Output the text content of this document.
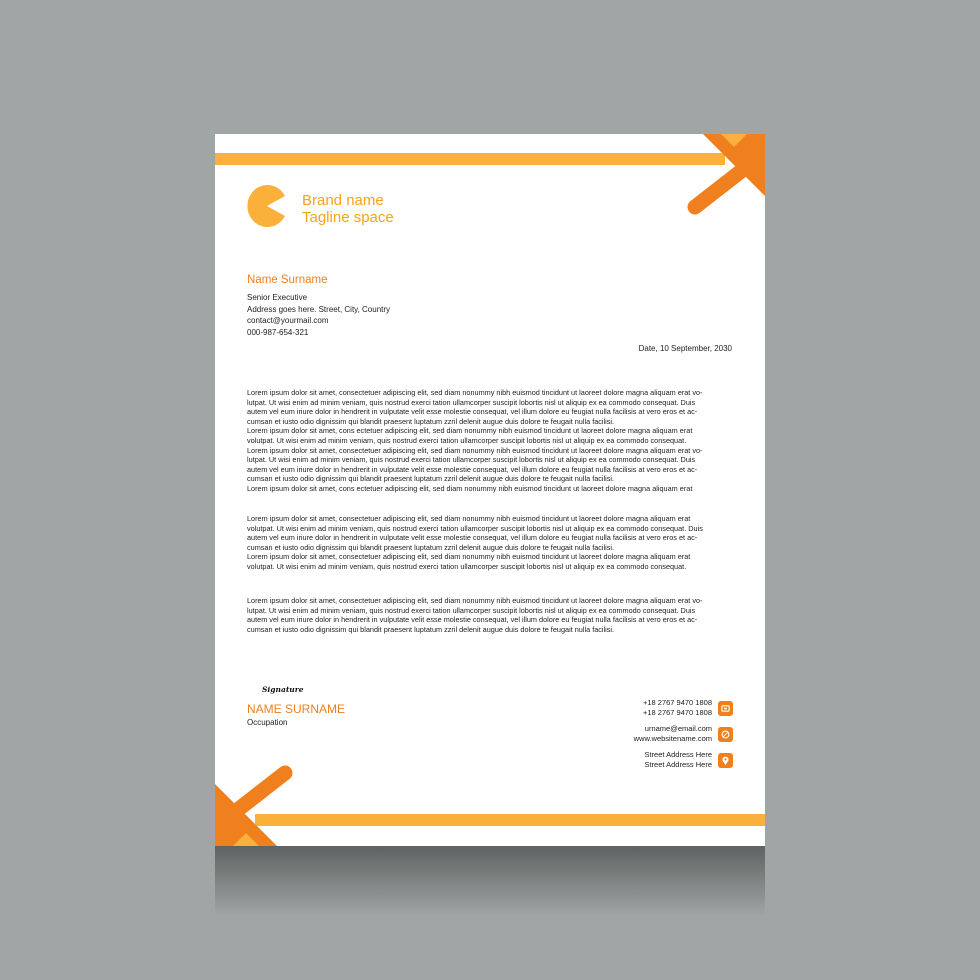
Brand name
Tagline space
Name Surname
Senior Executive
Address goes here. Street, City, Country
contact@yourmail.com
000-987-654-321
Date, 10 September, 2030
Lorem ipsum dolor sit amet, consectetuer adipiscing elit, sed diam nonummy nibh euismod tincidunt ut laoreet dolore magna aliquam erat vo-
lutpat. Ut wisi enim ad minim veniam, quis nostrud exerci tation ullamcorper suscipit lobortis nisl ut aliquip ex ea commodo consequat. Duis
autem vel eum iriure dolor in hendrerit in vulputate velit esse molestie consequat, vel illum dolore eu feugiat nulla facilisis at vero eros et ac-
cumsan et iusto odio dignissim qui blandit praesent luptatum zzril delenit augue duis dolore te feugait nulla facilisi.
Lorem ipsum dolor sit amet, cons ectetuer adipiscing elit, sed diam nonummy nibh euismod tincidunt ut laoreet dolore magna aliquam erat
volutpat. Ut wisi enim ad minim veniam, quis nostrud exerci tation ullamcorper suscipit lobortis nisl ut aliquip ex ea commodo consequat.
Lorem ipsum dolor sit amet, consectetuer adipiscing elit, sed diam nonummy nibh euismod tincidunt ut laoreet dolore magna aliquam erat vo-
lutpat. Ut wisi enim ad minim veniam, quis nostrud exerci tation ullamcorper suscipit lobortis nisl ut aliquip ex ea commodo consequat. Duis
autem vel eum iriure dolor in hendrerit in vulputate velit esse molestie consequat, vel illum dolore eu feugiat nulla facilisis at vero eros et ac-
cumsan et iusto odio dignissim qui blandit praesent luptatum zzril delenit augue duis dolore te feugait nulla facilisi.
Lorem ipsum dolor sit amet, cons ectetuer adipiscing elit, sed diam nonummy nibh euismod tincidunt ut laoreet dolore magna aliquam erat
Lorem ipsum dolor sit amet, consectetuer adipiscing elit, sed diam nonummy nibh euismod tincidunt ut laoreet dolore magna aliquam erat
volutpat. Ut wisi enim ad minim veniam, quis nostrud exerci tation ullamcorper suscipit lobortis nisl ut aliquip ex ea commodo consequat. Duis
autem vel eum iriure dolor in hendrerit in vulputate velit esse molestie consequat, vel illum dolore eu feugiat nulla facilisis at vero eros et ac-
cumsan et iusto odio dignissim qui blandit praesent luptatum zzril delenit augue duis dolore te feugait nulla facilisi.
Lorem ipsum dolor sit amet, consectetuer adipiscing elit, sed diam nonummy nibh euismod tincidunt ut laoreet dolore magna aliquam erat
volutpat. Ut wisi enim ad minim veniam, quis nostrud exerci tation ullamcorper suscipit lobortis nisl ut aliquip ex ea commodo consequat.
Lorem ipsum dolor sit amet, consectetuer adipiscing elit, sed diam nonummy nibh euismod tincidunt ut laoreet dolore magna aliquam erat vo-
lutpat. Ut wisi enim ad minim veniam, quis nostrud exerci tation ullamcorper suscipit lobortis nisl ut aliquip ex ea commodo consequat. Duis
autem vel eum iriure dolor in hendrerit in vulputate velit esse molestie consequat, vel illum dolore eu feugiat nulla facilisis at vero eros et ac-
cumsan et iusto odio dignissim qui blandit praesent luptatum zzril delenit augue duis dolore te feugait nulla facilisi.
Signature
NAME SURNAME
Occupation
+18 2767 9470 1808
+18 2767 9470 1808
urname@email.com
www.websitename.com
Street Address Here
Street Address Here
